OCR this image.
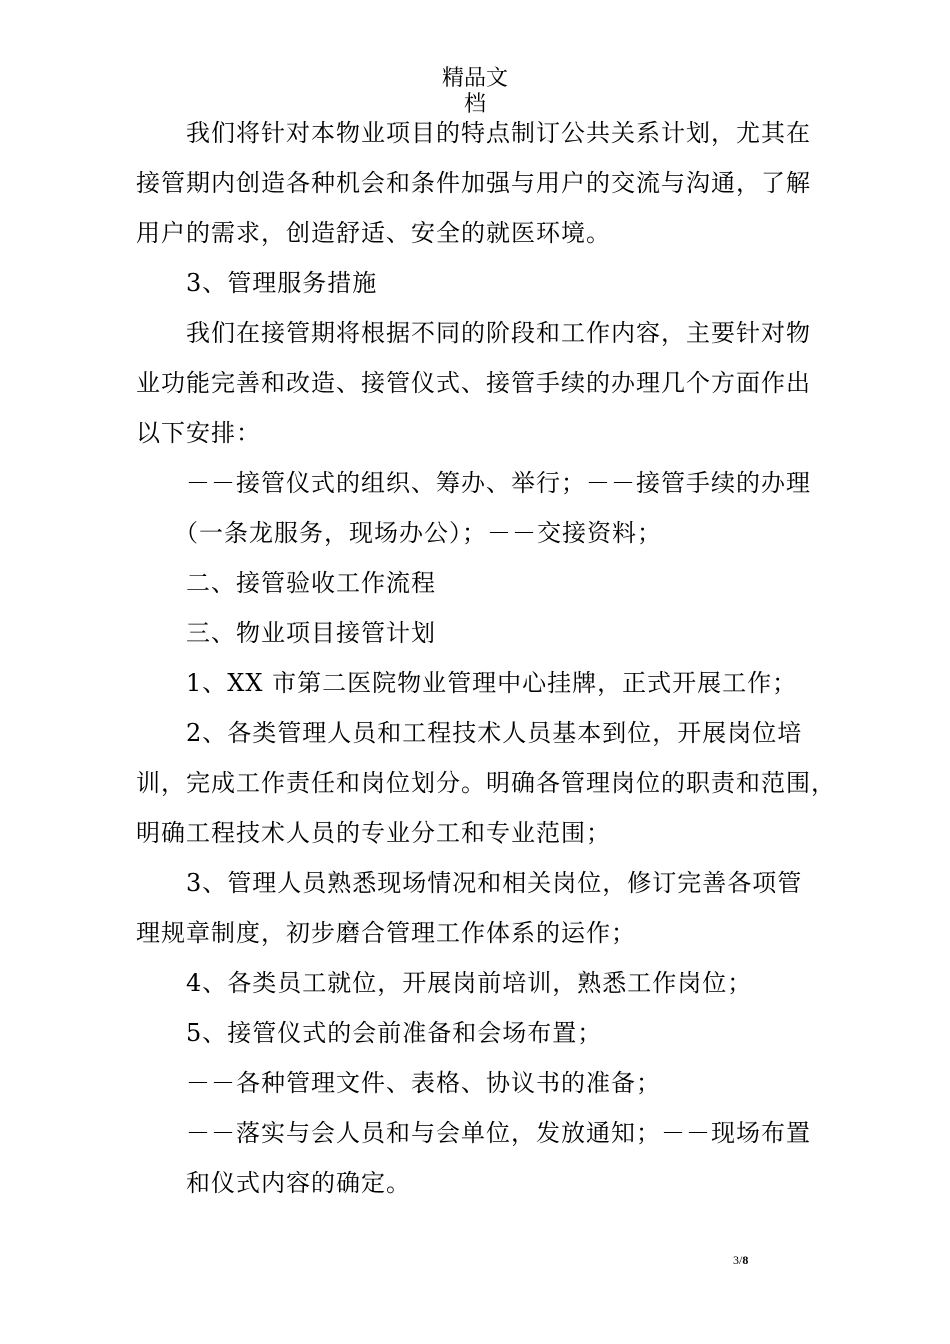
精品文
档

　　我们将针对本物业项目的特点制订公共关系计划，尤其在

接管期内创造各种机会和条件加强与用户的交流与沟通，了解

用户的需求，创造舒适、安全的就医环境。

　　3、管理服务措施

　　我们在接管期将根据不同的阶段和工作内容，主要针对物

业功能完善和改造、接管仪式、接管手续的办理几个方面作出

以下安排：

　　－－接管仪式的组织、筹办、举行；－－接管手续的办理

　　（一条龙服务，现场办公）；－－交接资料；

　　二、接管验收工作流程

　　三、物业项目接管计划

　　1、XX 市第二医院物业管理中心挂牌，正式开展工作；

　　2、各类管理人员和工程技术人员基本到位，开展岗位培

训，完成工作责任和岗位划分。明确各管理岗位的职责和范围，

明确工程技术人员的专业分工和专业范围；

　　3、管理人员熟悉现场情况和相关岗位，修订完善各项管

理规章制度，初步磨合管理工作体系的运作；

　　4、各类员工就位，开展岗前培训，熟悉工作岗位；

　　5、接管仪式的会前准备和会场布置；

　　－－各种管理文件、表格、协议书的准备；

　　－－落实与会人员和与会单位，发放通知；－－现场布置

　　和仪式内容的确定。

3/8
